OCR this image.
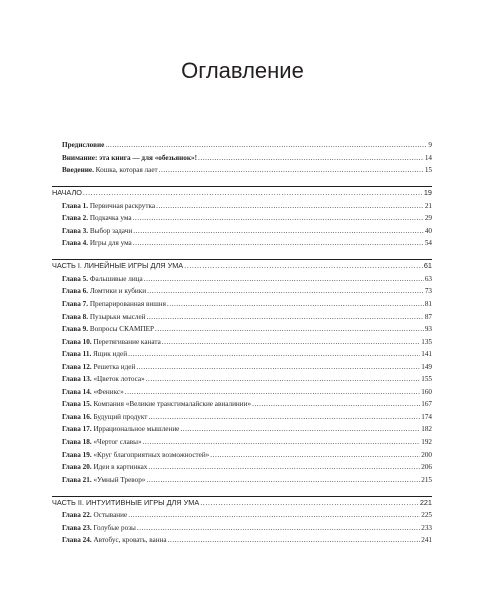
Оглавление
Предисловие .....	9
Внимание: эта книга — для «обезьянок»! .....	14
Введение. Кошка, которая лает .....	15
НАЧАЛО .....	19
Глава 1. Первичная раскрутка .....	21
Глава 2. Подкачка ума .....	29
Глава 3. Выбор задачи .....	40
Глава 4. Игры для ума .....	54
ЧАСТЬ I. ЛИНЕЙНЫЕ ИГРЫ ДЛЯ УМА .....	61
Глава 5. Фальшивые лица .....	63
Глава 6. Ломтики и кубики .....	73
Глава 7. Препарированная вишня .....	81
Глава 8. Пузырьки мыслей .....	87
Глава 9. Вопросы СКАМПЕР .....	93
Глава 10. Перетягивание каната .....	135
Глава 11. Ящик идей .....	141
Глава 12. Решетка идей .....	149
Глава 13. «Цветок лотоса» .....	155
Глава 14. «Феникс» .....	160
Глава 15. Компания «Великие трансгималайские авиалинии» .....	167
Глава 16. Будущий продукт .....	174
Глава 17. Иррациональное мышление .....	182
Глава 18. «Чертог славы» .....	192
Глава 19. «Круг благоприятных возможностей» .....	200
Глава 20. Идеи в картинках .....	206
Глава 21. «Умный Тревор» .....	215
ЧАСТЬ II. ИНТУИТИВНЫЕ ИГРЫ ДЛЯ УМА .....	221
Глава 22. Остывание .....	225
Глава 23. Голубые розы .....	233
Глава 24. Автобус, кровать, ванна .....	241
